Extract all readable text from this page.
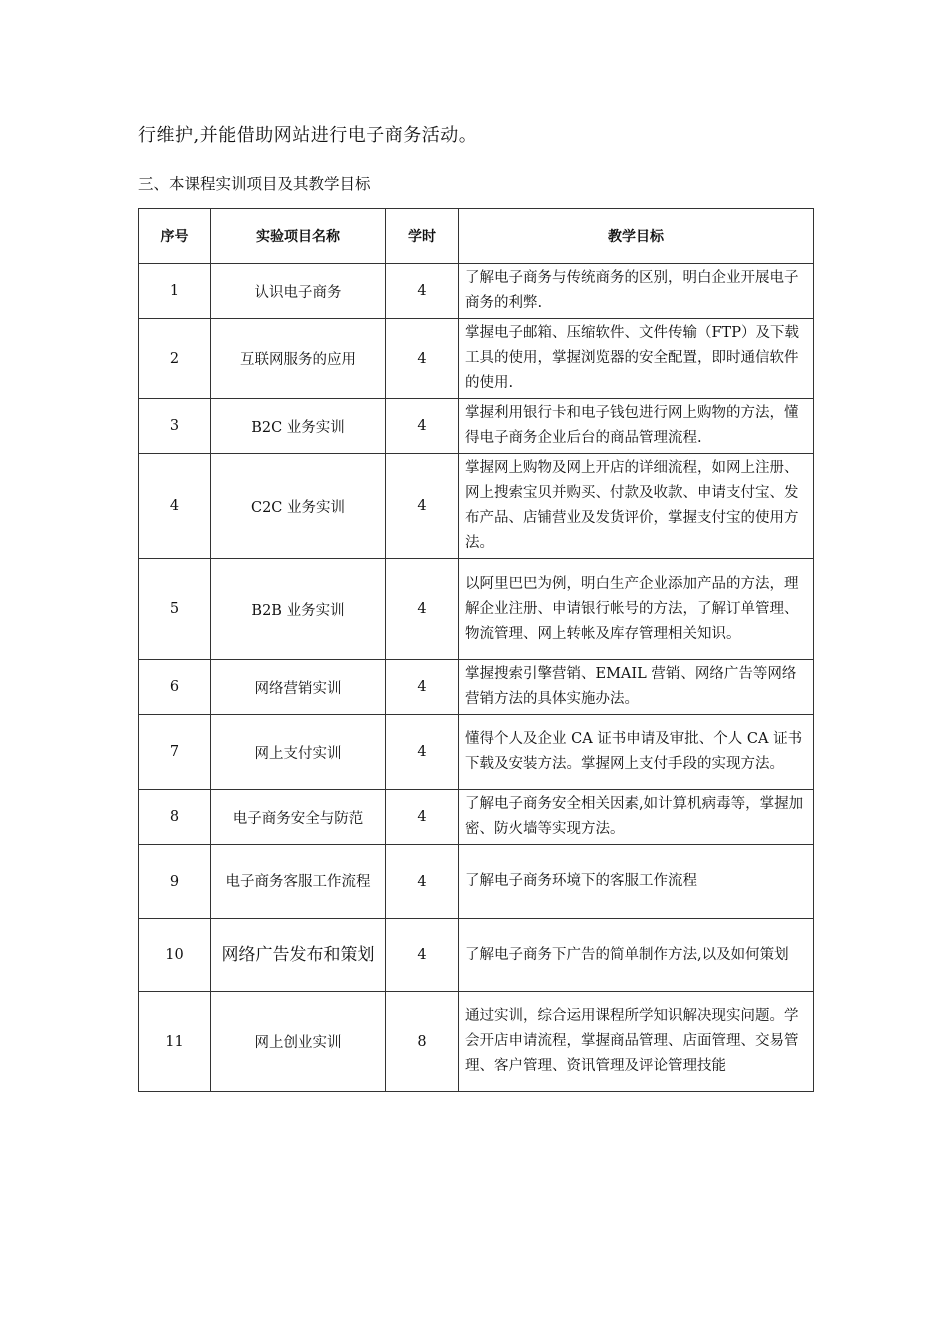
行维护,并能借助网站进行电子商务活动。

三、本课程实训项目及其教学目标

序号	实验项目名称	学时	教学目标
1	认识电子商务	4	了解电子商务与传统商务的区别，明白企业开展电子商务的利弊.
2	互联网服务的应用	4	掌握电子邮箱、压缩软件、文件传输（FTP）及下载工具的使用，掌握浏览器的安全配置，即时通信软件的使用.
3	B2C 业务实训	4	掌握利用银行卡和电子钱包进行网上购物的方法，懂得电子商务企业后台的商品管理流程.
4	C2C 业务实训	4	掌握网上购物及网上开店的详细流程，如网上注册、网上搜索宝贝并购买、付款及收款、申请支付宝、发布产品、店铺营业及发货评价，掌握支付宝的使用方法。
5	B2B 业务实训	4	以阿里巴巴为例，明白生产企业添加产品的方法，理解企业注册、申请银行帐号的方法，了解订单管理、物流管理、网上转帐及库存管理相关知识。
6	网络营销实训	4	掌握搜索引擎营销、EMAIL 营销、网络广告等网络营销方法的具体实施办法。
7	网上支付实训	4	懂得个人及企业 CA 证书申请及审批、个人 CA 证书下载及安装方法。掌握网上支付手段的实现方法。
8	电子商务安全与防范	4	了解电子商务安全相关因素,如计算机病毒等，掌握加密、防火墙等实现方法。
9	电子商务客服工作流程	4	了解电子商务环境下的客服工作流程
10	网络广告发布和策划	4	了解电子商务下广告的简单制作方法,以及如何策划
11	网上创业实训	8	通过实训，综合运用课程所学知识解决现实问题。学会开店申请流程，掌握商品管理、店面管理、交易管理、客户管理、资讯管理及评论管理技能
